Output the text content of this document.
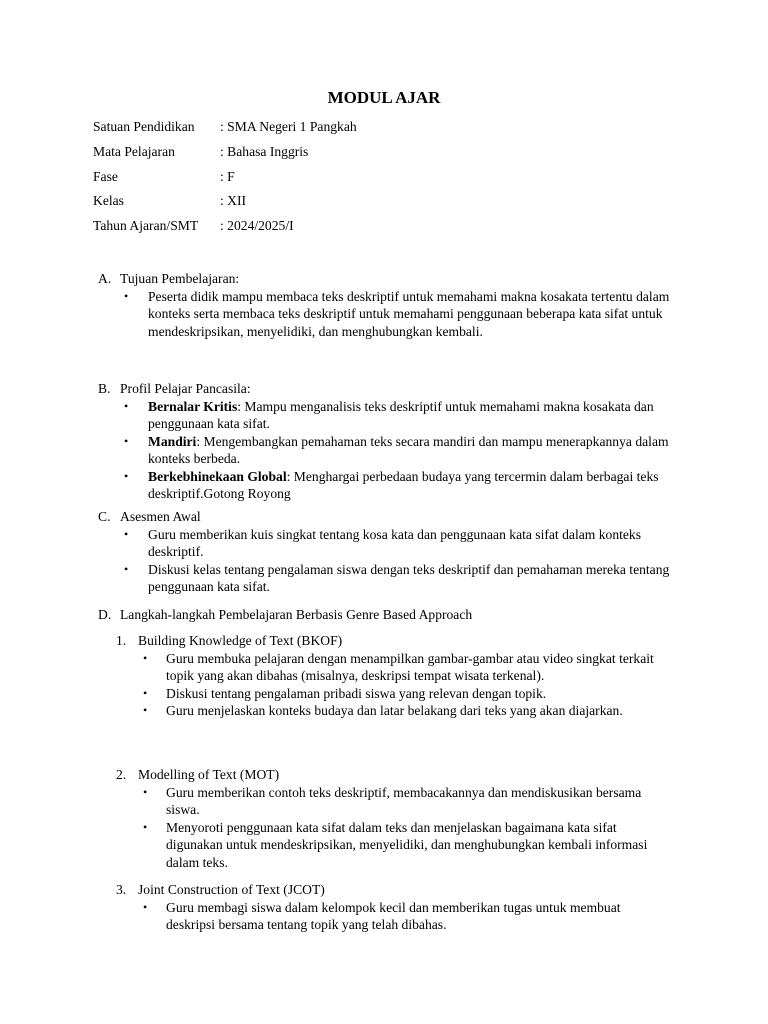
MODUL AJAR
Satuan Pendidikan : SMA Negeri 1 Pangkah
Mata Pelajaran	: Bahasa Inggris
Fase	: F
Kelas	: XII
Tahun Ajaran/SMT : 2024/2025/I
A. Tujuan Pembelajaran:
• Peserta didik mampu membaca teks deskriptif untuk memahami makna kosakata tertentu dalam konteks serta membaca teks deskriptif untuk memahami penggunaan beberapa kata sifat untuk mendeskripsikan, menyelidiki, dan menghubungkan kembali.
B. Profil Pelajar Pancasila:
• Bernalar Kritis: Mampu menganalisis teks deskriptif untuk memahami makna kosakata dan penggunaan kata sifat.
• Mandiri: Mengembangkan pemahaman teks secara mandiri dan mampu menerapkannya dalam konteks berbeda.
• Berkebhinekaan Global: Menghargai perbedaan budaya yang tercermin dalam berbagai teks deskriptif.Gotong Royong
C. Asesmen Awal
• Guru memberikan kuis singkat tentang kosa kata dan penggunaan kata sifat dalam konteks deskriptif.
• Diskusi kelas tentang pengalaman siswa dengan teks deskriptif dan pemahaman mereka tentang penggunaan kata sifat.
D. Langkah-langkah Pembelajaran Berbasis Genre Based Approach
1. Building Knowledge of Text (BKOF)
• Guru membuka pelajaran dengan menampilkan gambar-gambar atau video singkat terkait topik yang akan dibahas (misalnya, deskripsi tempat wisata terkenal).
• Diskusi tentang pengalaman pribadi siswa yang relevan dengan topik.
• Guru menjelaskan konteks budaya dan latar belakang dari teks yang akan diajarkan.
2. Modelling of Text (MOT)
• Guru memberikan contoh teks deskriptif, membacakannya dan mendiskusikan bersama siswa.
• Menyoroti penggunaan kata sifat dalam teks dan menjelaskan bagaimana kata sifat digunakan untuk mendeskripsikan, menyelidiki, dan menghubungkan kembali informasi dalam teks.
3. Joint Construction of Text (JCOT)
• Guru membagi siswa dalam kelompok kecil dan memberikan tugas untuk membuat deskripsi bersama tentang topik yang telah dibahas.
